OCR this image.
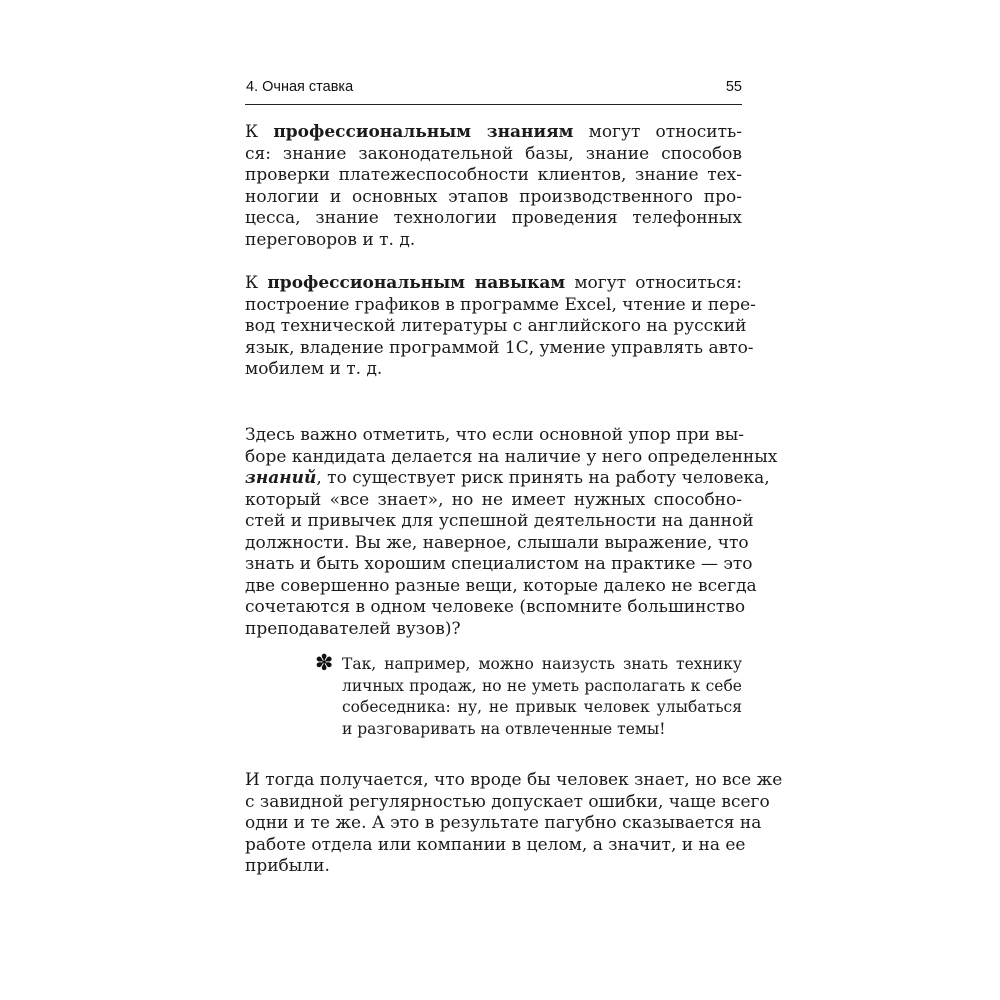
4. Очная ставка	55
К профессиональным знаниям могут относить-
ся: знание законодательной базы, знание способов
проверки платежеспособности клиентов, знание тех-
нологии и основных этапов производственного про-
цесса, знание технологии проведения телефонных
переговоров и т. д.
К профессиональным навыкам могут относиться:
построение графиков в программе Excel, чтение и пере-
вод технической литературы с английского на русский
язык, владение программой 1С, умение управлять авто-
мобилем и т. д.
Здесь важно отметить, что если основной упор при вы-
боре кандидата делается на наличие у него определенных
знаний, то существует риск принять на работу человека,
который «все знает», но не имеет нужных способно-
стей и привычек для успешной деятельности на данной
должности. Вы же, наверное, слышали выражение, что
знать и быть хорошим специалистом на практике — это
две совершенно разные вещи, которые далеко не всегда
сочетаются в одном человеке (вспомните большинство
преподавателей вузов)?
✽ Так, например, можно наизусть знать технику
личных продаж, но не уметь располагать к себе
собеседника: ну, не привык человек улыбаться
и разговаривать на отвлеченные темы!
И тогда получается, что вроде бы человек знает, но все же
с завидной регулярностью допускает ошибки, чаще всего
одни и те же. А это в результате пагубно сказывается на
работе отдела или компании в целом, а значит, и на ее
прибыли.
